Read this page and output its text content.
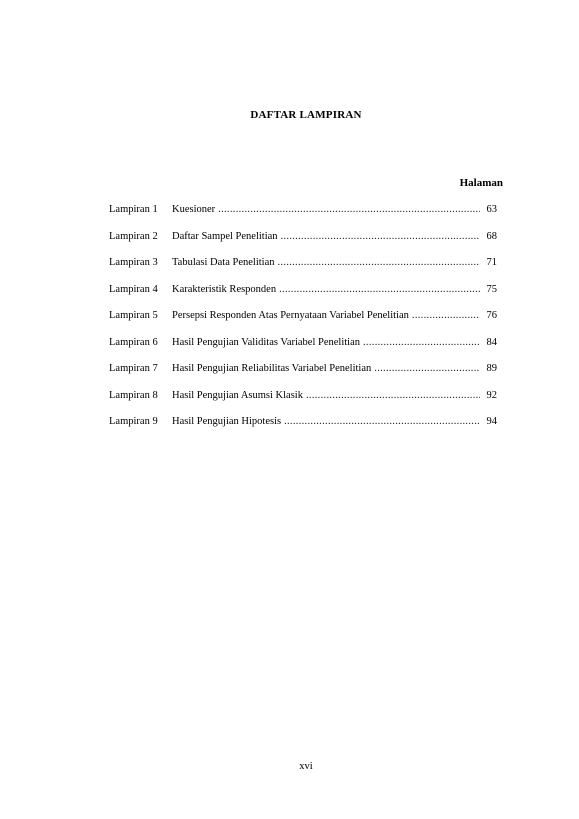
DAFTAR LAMPIRAN
Halaman
Lampiran 1	Kuesioner .....	63
Lampiran 2	Daftar Sampel Penelitian .....	68
Lampiran 3	Tabulasi Data Penelitian .....	71
Lampiran 4	Karakteristik Responden .....	75
Lampiran 5	Persepsi Responden Atas Pernyataan Variabel Penelitian .....	76
Lampiran 6	Hasil Pengujian Validitas Variabel Penelitian .....	84
Lampiran 7	Hasil Pengujian Reliabilitas Variabel Penelitian .....	89
Lampiran 8	Hasil Pengujian Asumsi Klasik .....	92
Lampiran 9	Hasil Pengujian Hipotesis .....	94
xvi
